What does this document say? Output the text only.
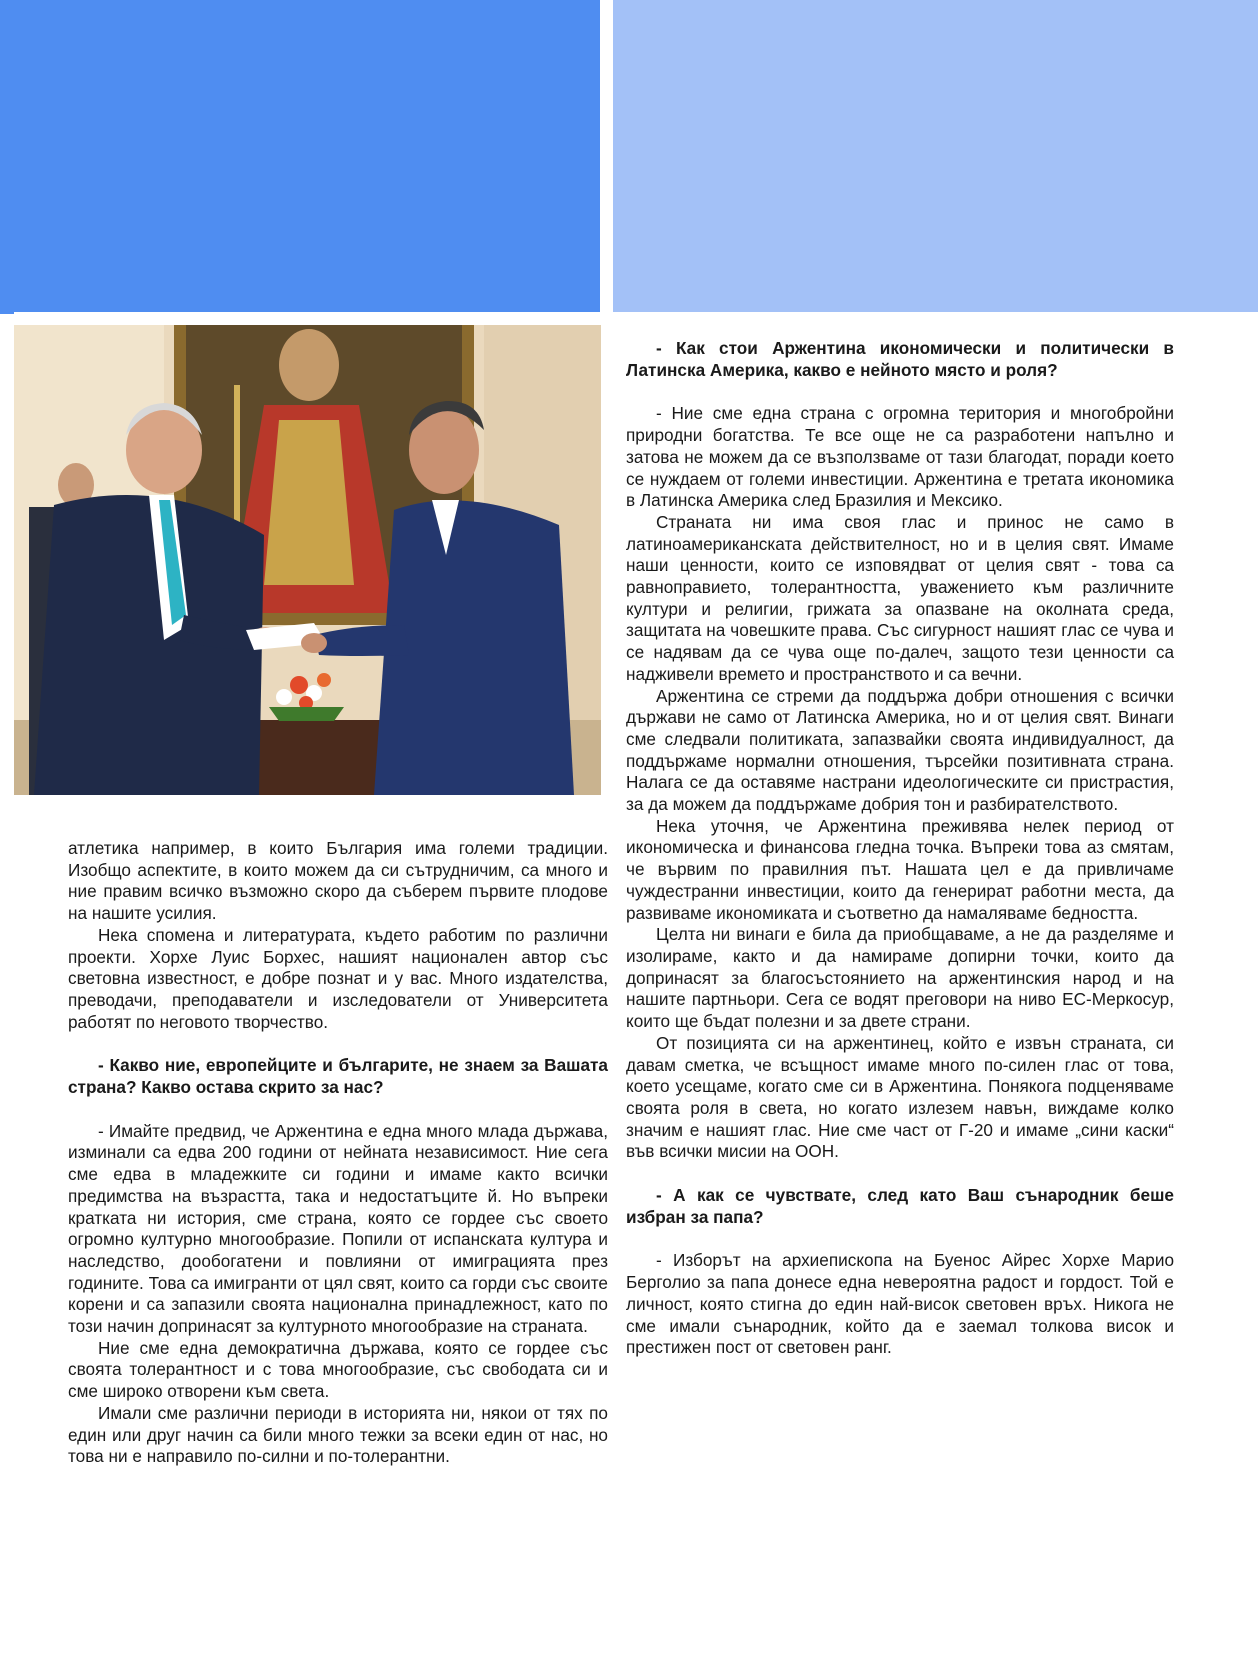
атлетика например, в които България има големи традиции. Изобщо аспектите, в които можем да си сътрудничим, са много и ние правим всичко възможно скоро да съберем първите плодове на нашите усилия.

Нека спомена и литературата, където работим по различни проекти. Хорхе Луис Борхес, нашият национален автор със световна известност, е добре познат и у вас. Много издателства, преводачи, преподаватели и изследователи от Университета работят по неговото творчество.

- Какво ние, европейците и българите, не знаем за Вашата страна? Какво остава скрито за нас?

- Имайте предвид, че Аржентина е една много млада държава, изминали са едва 200 години от нейната независимост. Ние сега сме едва в младежките си години и имаме както всички предимства на възрастта, така и недостатъците й. Но въпреки кратката ни история, сме страна, която се гордее със своето огромно културно многообразие. Попили от испанската култура и наследство, дообогатени и повлияни от имиграцията през годините. Това са имигранти от цял свят, които са горди със своите корени и са запазили своята национална принадлежност, като по този начин допринасят за културното многообразие на страната.

Ние сме една демократична държава, която се гордее със своята толерантност и с това многообразие, със свободата си и сме широко отворени към света.

Имали сме различни периоди в историята ни, някои от тях по един или друг начин са били много тежки за всеки един от нас, но това ни е направило по-силни и по-толерантни.

- Как стои Аржентина икономически и политически в Латинска Америка, какво е нейното място и роля?

- Ние сме една страна с огромна територия и многобройни природни богатства. Те все още не са разработени напълно и затова не можем да се възползваме от тази благодат, поради което се нуждаем от големи инвестиции. Аржентина е третата икономика в Латинска Америка след Бразилия и Мексико.

Страната ни има своя глас и принос не само в латиноамериканската действителност, но и в целия свят. Имаме наши ценности, които се изповядват от целия свят - това са равноправието, толерантността, уважението към различните култури и религии, грижата за опазване на околната среда, защитата на човешките права. Със сигурност нашият глас се чува и се надявам да се чува още по-далеч, защото тези ценности са надживели времето и пространството и са вечни.

Аржентина се стреми да поддържа добри отношения с всички държави не само от Латинска Америка, но и от целия свят. Винаги сме следвали политиката, запазвайки своята индивидуалност, да поддържаме нормални отношения, търсейки позитивната страна. Налага се да оставяме настрани идеологическите си пристрастия, за да можем да поддържаме добрия тон и разбирателството.

Нека уточня, че Аржентина преживява нелек период от икономическа и финансова гледна точка. Въпреки това аз смятам, че вървим по правилния път. Нашата цел е да привличаме чуждестранни инвестиции, които да генерират работни места, да развиваме икономиката и съответно да намаляваме бедността.

Целта ни винаги е била да приобщаваме, а не да разделяме и изолираме, както и да намираме допирни точки, които да допринасят за благосъстоянието на аржентинския народ и на нашите партньори. Сега се водят преговори на ниво ЕС-Меркосур, които ще бъдат полезни и за двете страни.

От позицията си на аржентинец, който е извън страната, си давам сметка, че всъщност имаме много по-силен глас от това, което усещаме, когато сме си в Аржентина. Понякога подценяваме своята роля в света, но когато излезем навън, виждаме колко значим е нашият глас. Ние сме част от Г-20 и имаме „сини каски“ във всички мисии на ООН.

- А как се чувствате, след като Ваш сънародник беше избран за папа?

- Изборът на архиепископа на Буенос Айрес Хорхе Марио Берголио за папа донесе една невероятна радост и гордост. Той е личност, която стигна до един най-висок световен връх. Никога не сме имали сънародник, който да е заемал толкова висок и престижен пост от световен ранг.
